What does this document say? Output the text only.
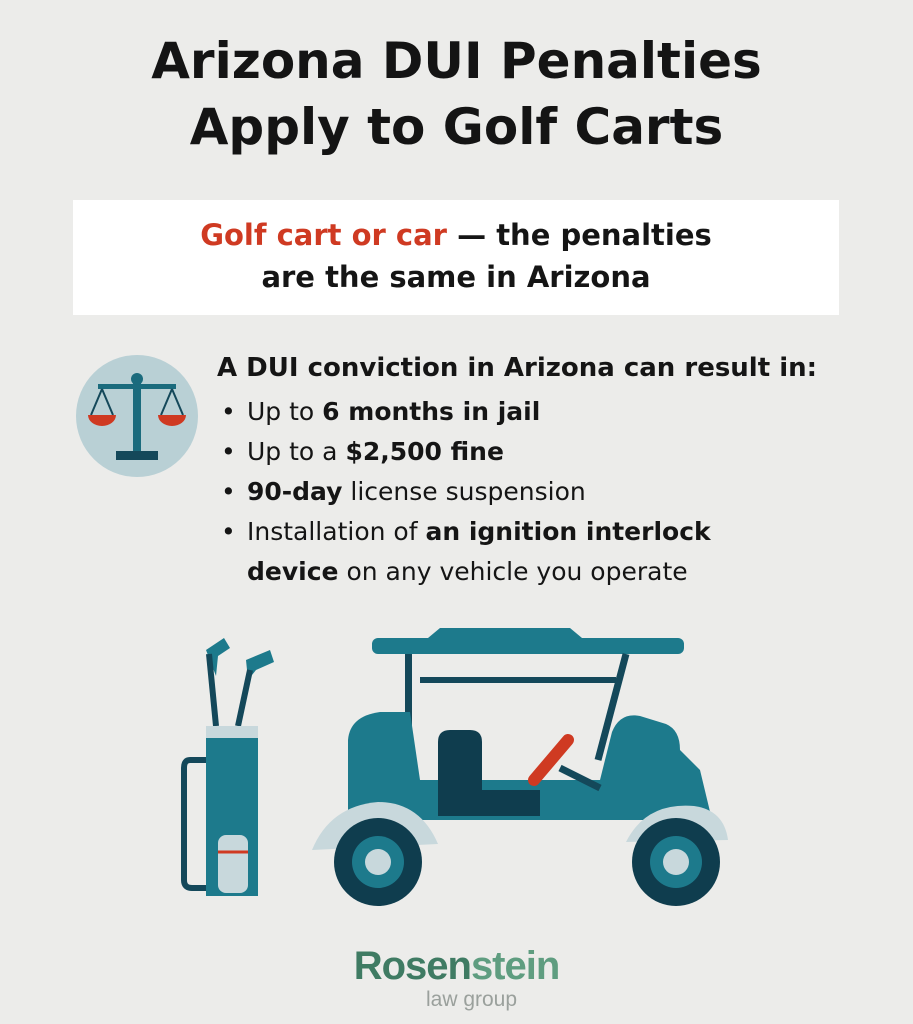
Arizona DUI Penalties
Apply to Golf Carts
Golf cart or car — the penalties
are the same in Arizona
A DUI conviction in Arizona can result in:
• Up to 6 months in jail
• Up to a $2,500 fine
• 90-day license suspension
• Installation of an ignition interlock
device on any vehicle you operate
Rosenstein
law group
